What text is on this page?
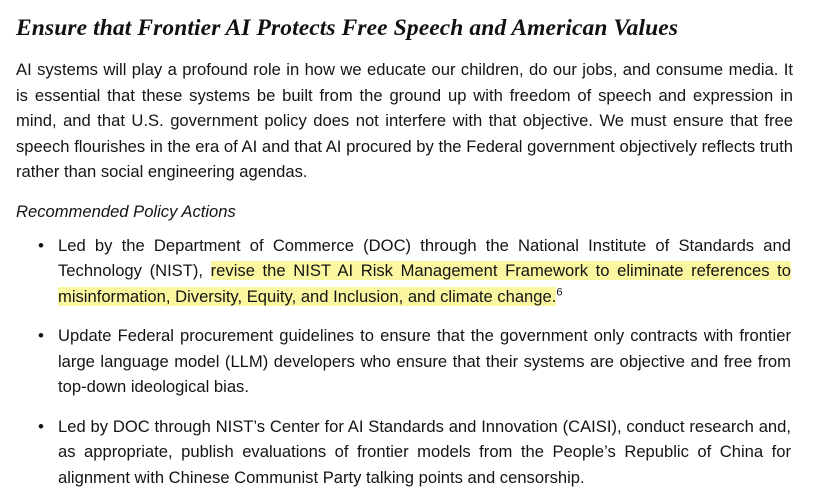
Ensure that Frontier AI Protects Free Speech and American Values

AI systems will play a profound role in how we educate our children, do our jobs, and consume media. It is essential that these systems be built from the ground up with freedom of speech and expression in mind, and that U.S. government policy does not interfere with that objective. We must ensure that free speech flourishes in the era of AI and that AI procured by the Federal government objectively reflects truth rather than social engineering agendas.

Recommended Policy Actions

• Led by the Department of Commerce (DOC) through the National Institute of Standards and Technology (NIST), revise the NIST AI Risk Management Framework to eliminate references to misinformation, Diversity, Equity, and Inclusion, and climate change.$^6$
• Update Federal procurement guidelines to ensure that the government only contracts with frontier large language model (LLM) developers who ensure that their systems are objective and free from top-down ideological bias.
• Led by DOC through NIST’s Center for AI Standards and Innovation (CAISI), conduct research and, as appropriate, publish evaluations of frontier models from the People’s Republic of China for alignment with Chinese Communist Party talking points and censorship.
